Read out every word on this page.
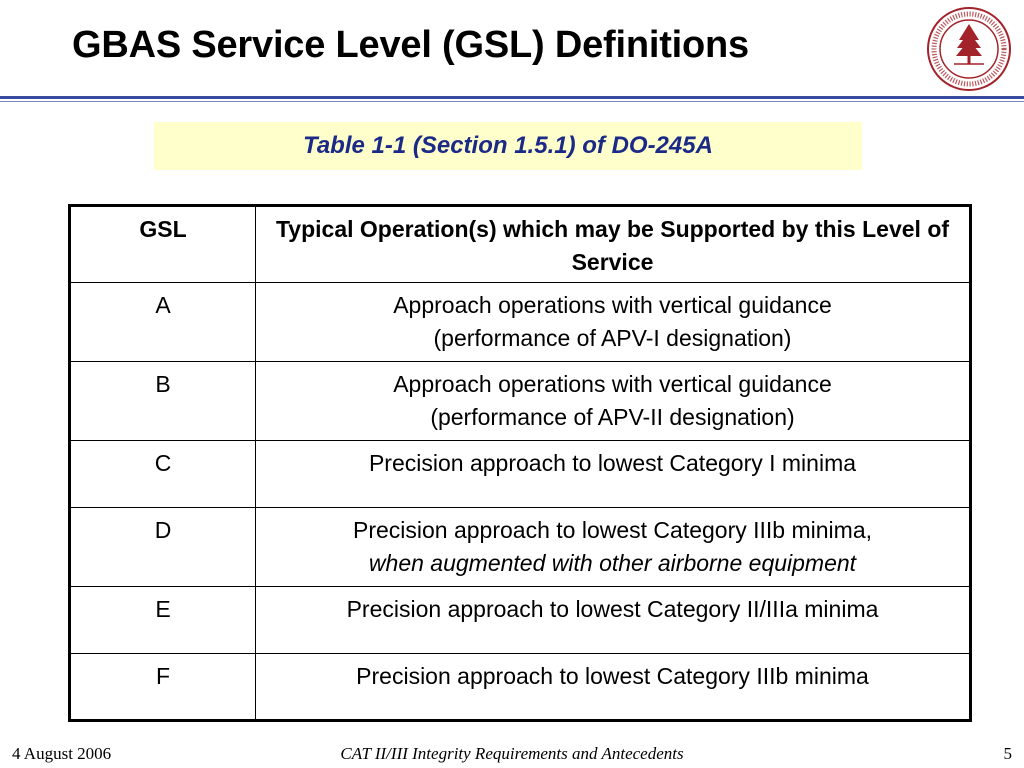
GBAS Service Level (GSL) Definitions
Table 1-1 (Section 1.5.1) of DO-245A
GSL	Typical Operation(s) which may be Supported by this Level of Service
A	Approach operations with vertical guidance
(performance of APV-I designation)
B	Approach operations with vertical guidance
(performance of APV-II designation)
C	Precision approach to lowest Category I minima
D	Precision approach to lowest Category IIIb minima,
when augmented with other airborne equipment
E	Precision approach to lowest Category II/IIIa minima
F	Precision approach to lowest Category IIIb minima
CAT II/III Integrity Requirements and Antecedents
4 August 2006	5
